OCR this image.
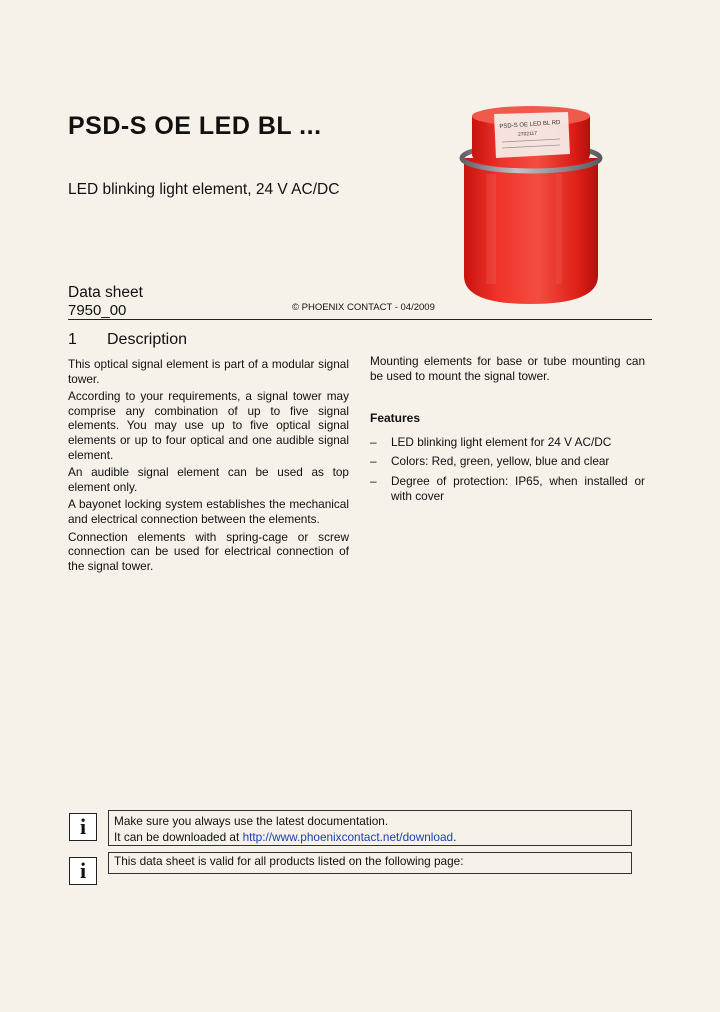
PSD-S OE LED BL ...
LED blinking light element, 24 V AC/DC
PSD-S OE LED BL RD
2702117
Data sheet
7950_00	© PHOENIX CONTACT - 04/2009
1 Description

This optical signal element is part of a modular signal tower.

According to your requirements, a signal tower may comprise any combination of up to five signal elements. You may use up to five optical signal elements or up to four optical and one audible signal element.

An audible signal element can be used as top element only.

A bayonet locking system establishes the mechanical and electrical connection between the elements.

Connection elements with spring-cage or screw connection can be used for electrical connection of the signal tower.

Mounting elements for base or tube mounting can be used to mount the signal tower.

Features

–	LED blinking light element for 24 V AC/DC

–	Colors: Red, green, yellow, blue and clear

–	Degree of protection: IP65, when installed or with cover

i Make sure you always use the latest documentation.
It can be downloaded at http://www.phoenixcontact.net/download.
i This data sheet is valid for all products listed on the following page:
